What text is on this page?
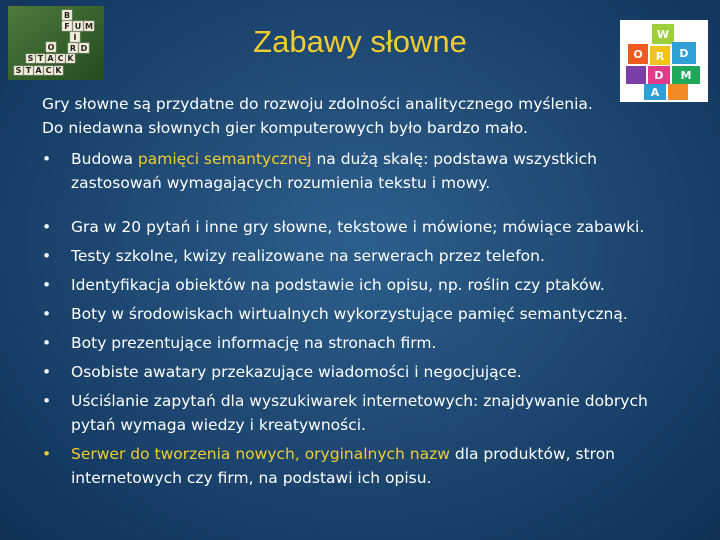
Zabawy słowne
B
F U M
I
O R D
S T A C K
S T A C K
W
O R D
D M
A
Gry słowne są przydatne do rozwoju zdolności analitycznego myślenia.
Do niedawna słownych gier komputerowych było bardzo mało.
• Budowa pamięci semantycznej na dużą skalę: podstawa wszystkich zastosowań wymagających rozumienia tekstu i mowy.
• Gra w 20 pytań i inne gry słowne, tekstowe i mówione; mówiące zabawki.
• Testy szkolne, kwizy realizowane na serwerach przez telefon.
• Identyfikacja obiektów na podstawie ich opisu, np. roślin czy ptaków.
• Boty w środowiskach wirtualnych wykorzystujące pamięć semantyczną.
• Boty prezentujące informację na stronach firm.
• Osobiste awatary przekazujące wiadomości i negocjujące.
• Uściślanie zapytań dla wyszukiwarek internetowych: znajdywanie dobrych pytań wymaga wiedzy i kreatywności.
• Serwer do tworzenia nowych, oryginalnych nazw dla produktów, stron internetowych czy firm, na podstawi ich opisu.
